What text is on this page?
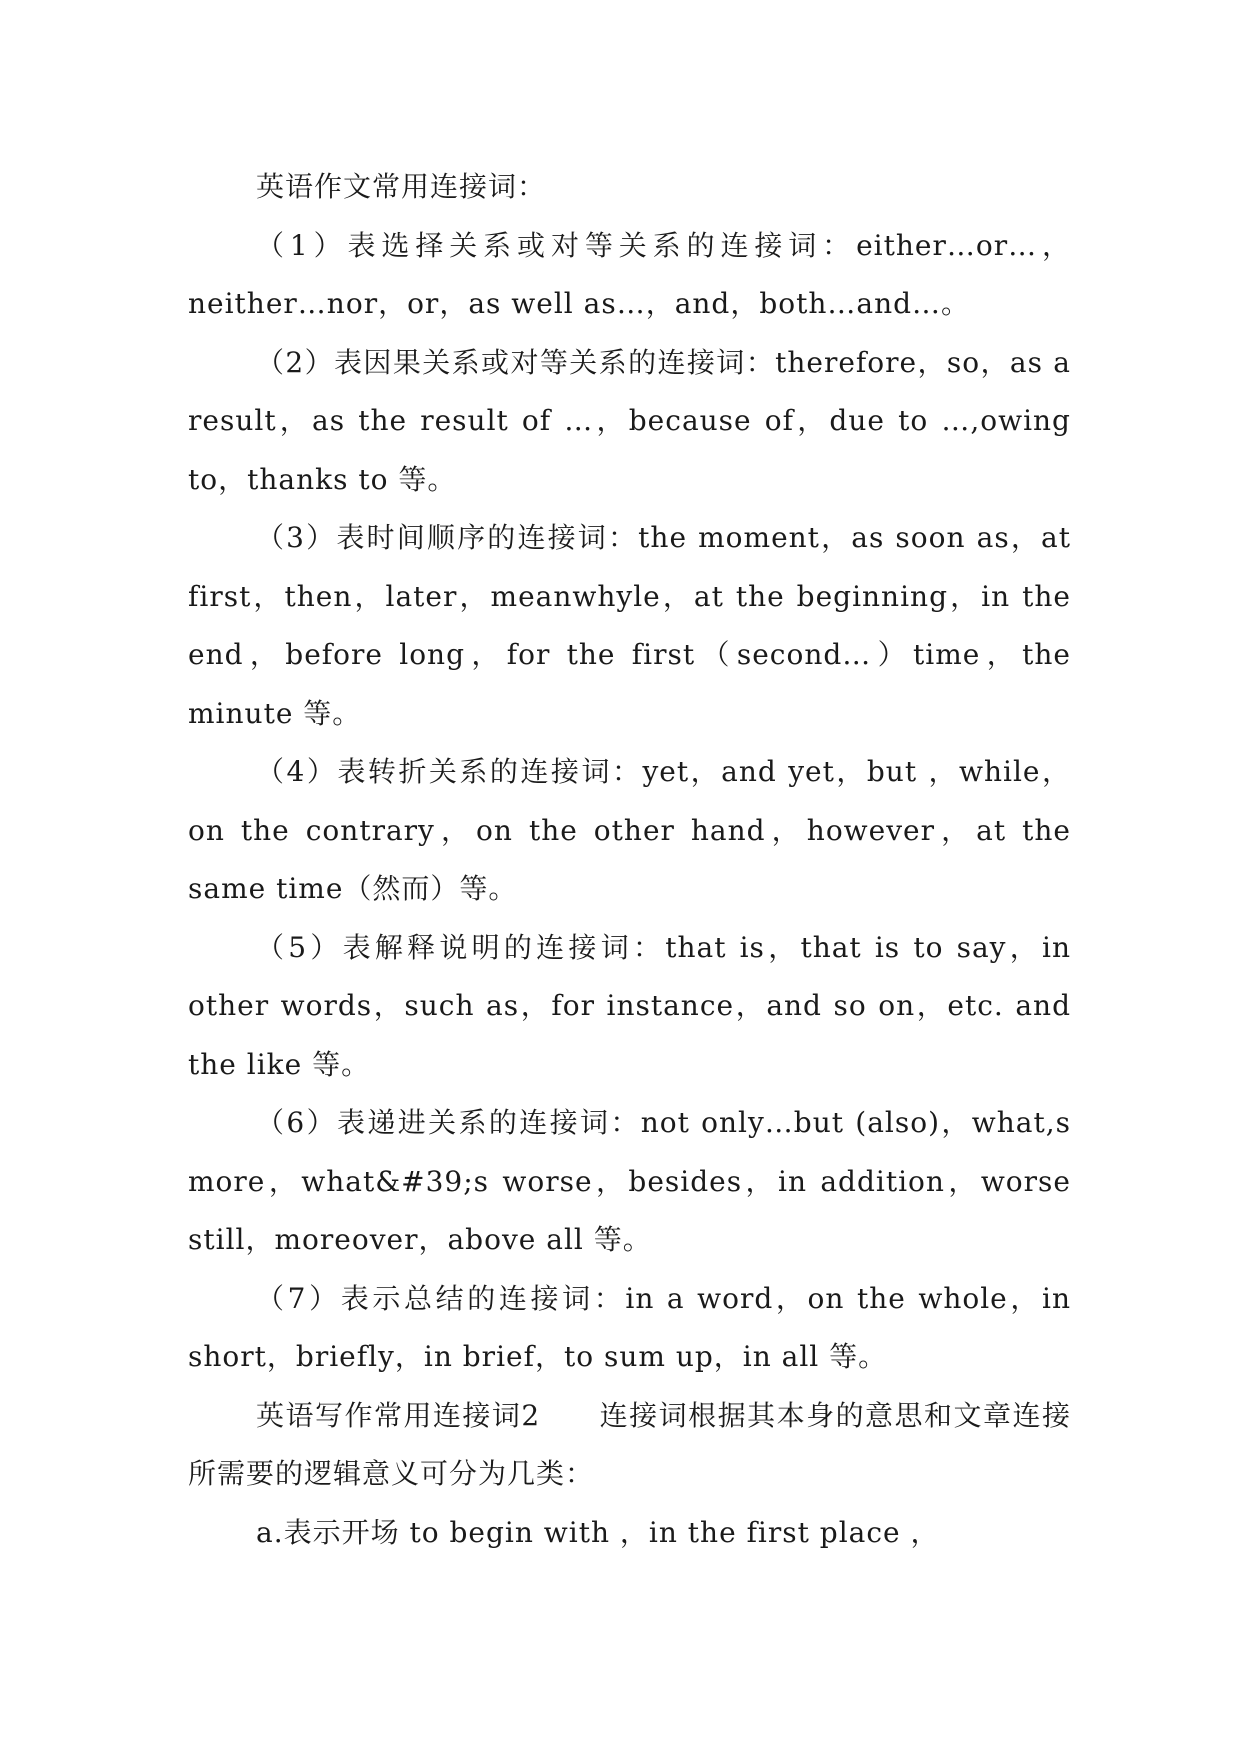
英语作文常用连接词：

（1）表选择关系或对等关系的连接词：either…or…，neither…nor，or，as well as…，and，both…and…。

（2）表因果关系或对等关系的连接词：therefore，so，as a result，as the result of …，because of，due to …,owing to，thanks to 等。

（3）表时间顺序的连接词：the moment，as soon as，at first，then，later，meanwhyle，at the beginning，in the end，before long，for the first（second…）time，the minute 等。

（4）表转折关系的连接词：yet，and yet，but ，while，on the contrary，on the other hand，however，at the same time（然而）等。

（5）表解释说明的连接词：that is，that is to say，in other words，such as，for instance，and so on，etc. and the like 等。

（6）表递进关系的连接词：not only…but (also)，what,s more，what&#39;s worse，besides，in addition，worse still，moreover，above all 等。

（7）表示总结的连接词：in a word，on the whole，in short，briefly，in brief，to sum up，in all 等。

英语写作常用连接词2　　连接词根据其本身的意思和文章连接所需要的逻辑意义可分为几类：

a.表示开场 to begin with ，in the first place ，
